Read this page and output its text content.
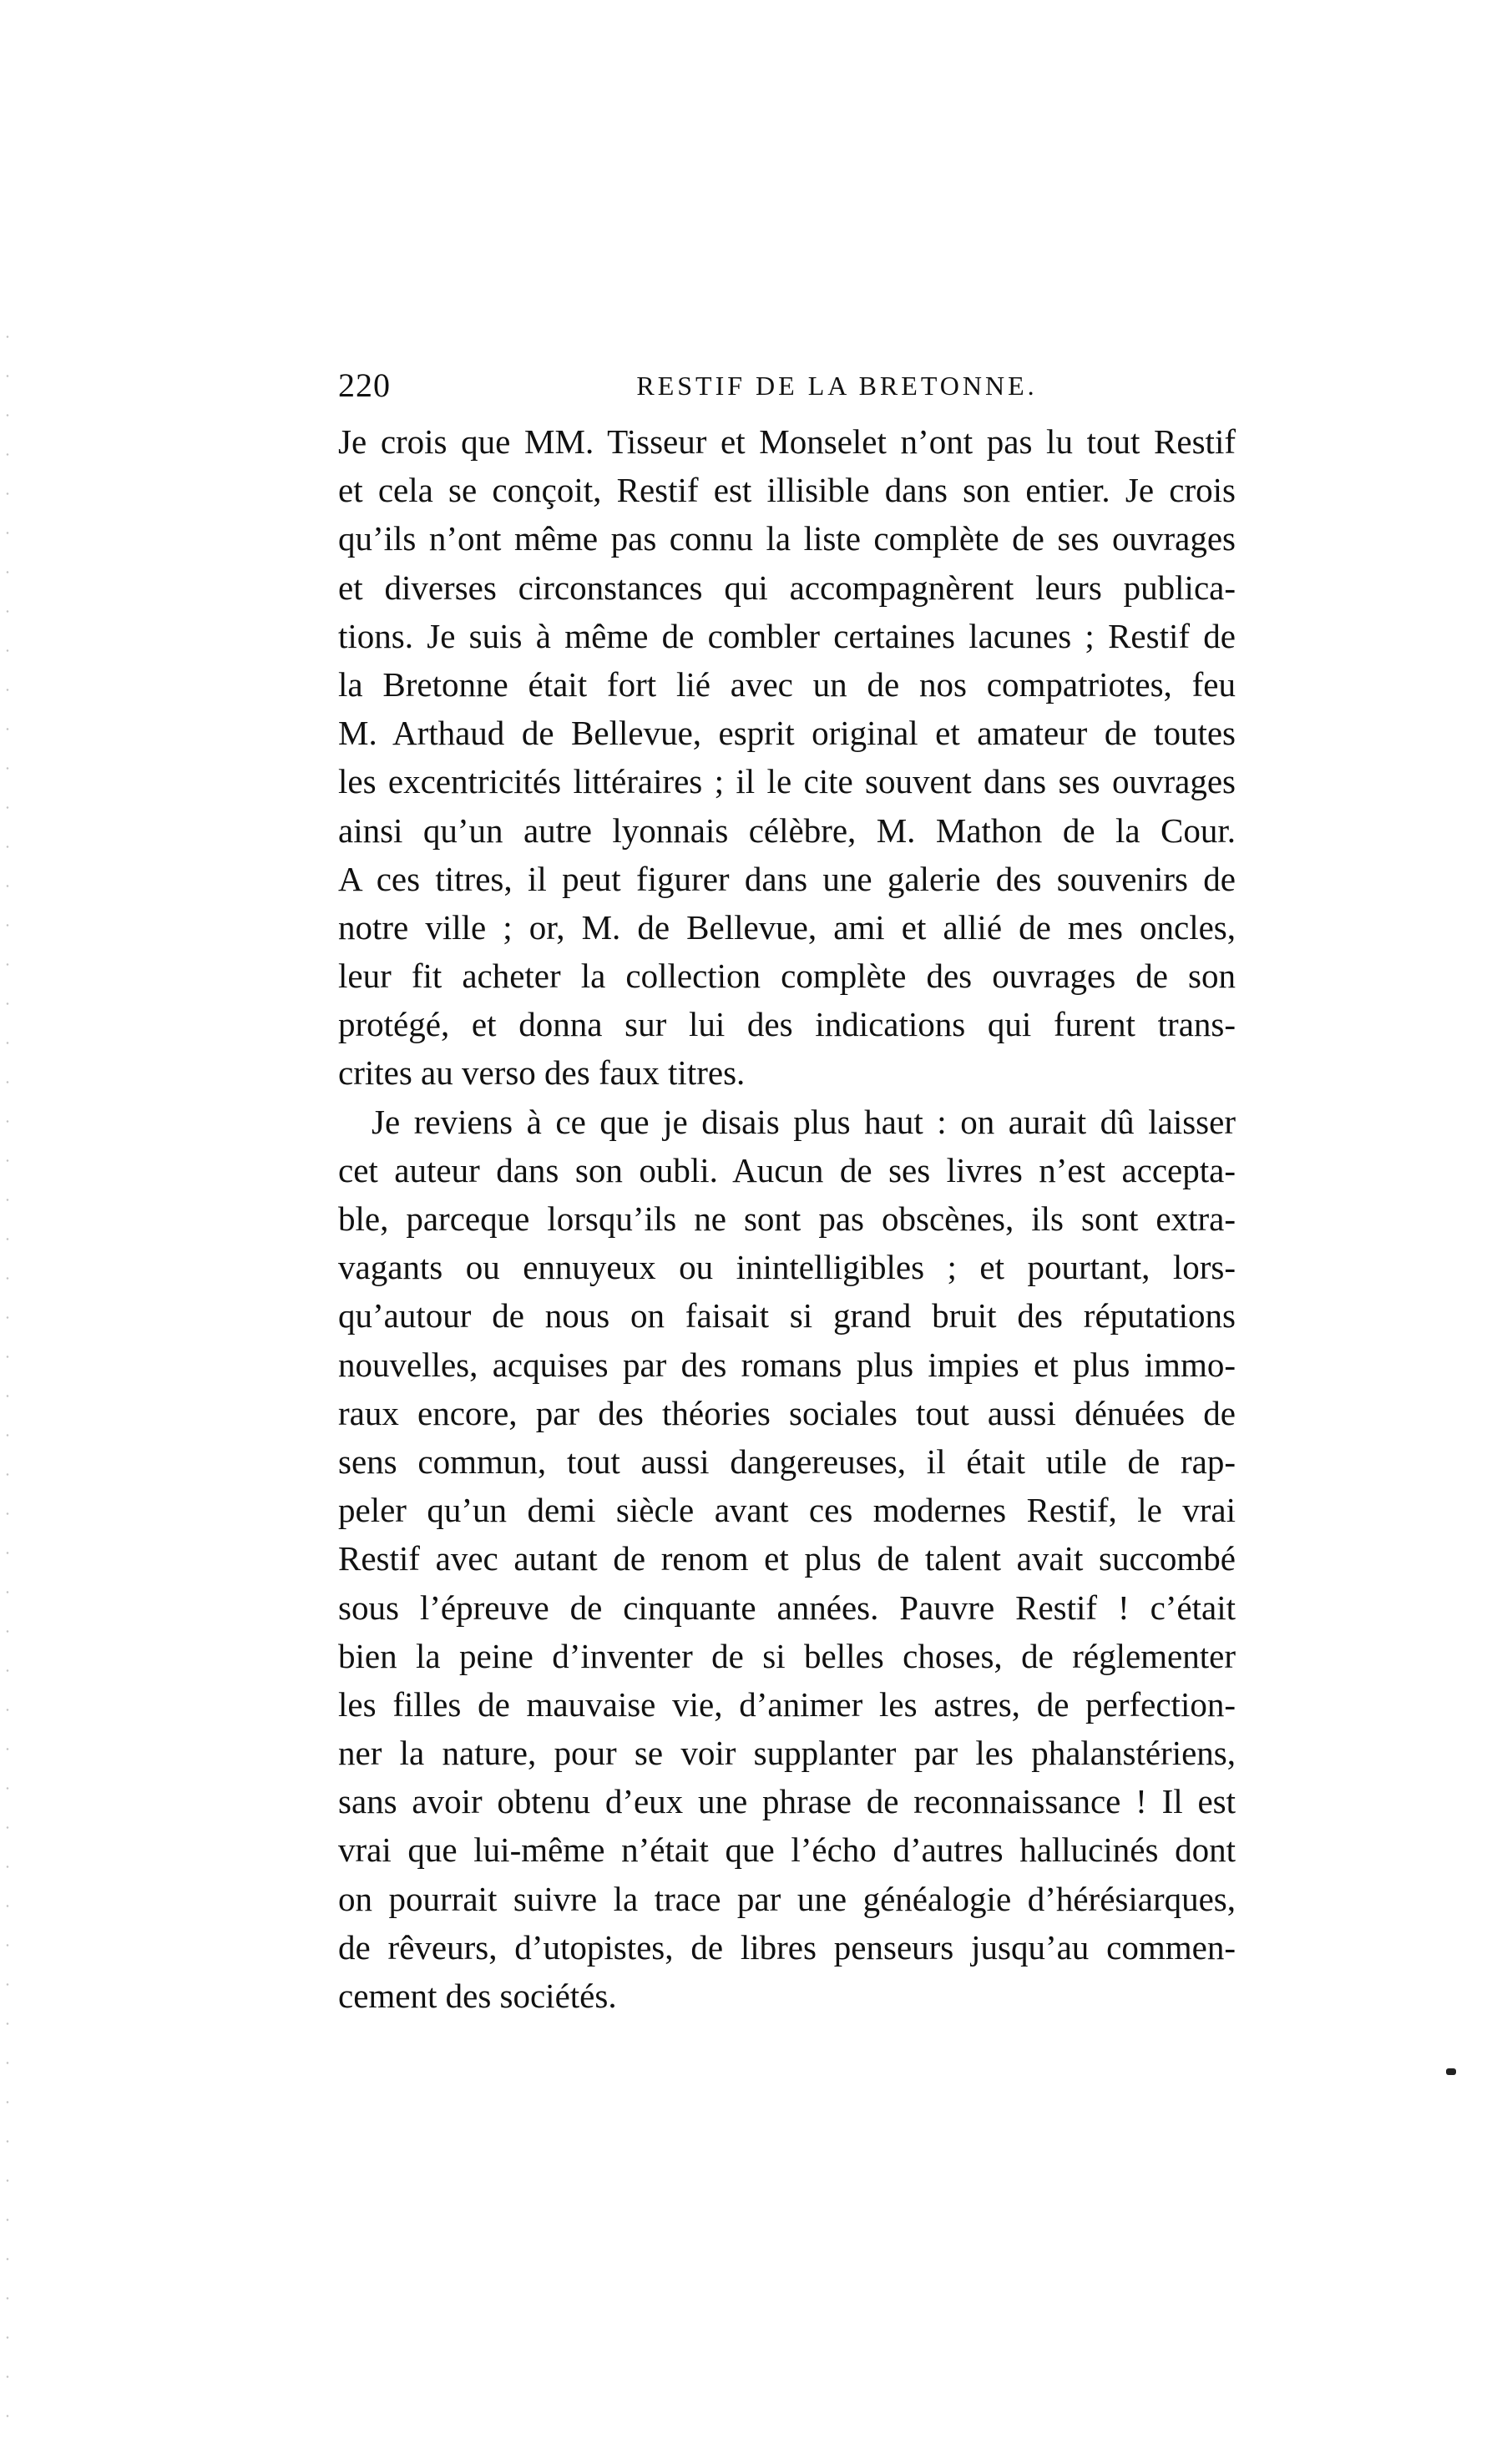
220	RESTIF DE LA BRETONNE.
Je crois que MM. Tisseur et Monselet n’ont pas lu tout Restif
et cela se conçoit, Restif est illisible dans son entier. Je crois
qu’ils n’ont même pas connu la liste complète de ses ouvrages
et diverses circonstances qui accompagnèrent leurs publica-
tions. Je suis à même de combler certaines lacunes ; Restif de
la Bretonne était fort lié avec un de nos compatriotes, feu
M. Arthaud de Bellevue, esprit original et amateur de toutes
les excentricités littéraires ; il le cite souvent dans ses ouvrages
ainsi qu’un autre lyonnais célèbre, M. Mathon de la Cour.
A ces titres, il peut figurer dans une galerie des souvenirs de
notre ville ; or, M. de Bellevue, ami et allié de mes oncles,
leur fit acheter la collection complète des ouvrages de son
protégé, et donna sur lui des indications qui furent trans-
crites au verso des faux titres.
Je reviens à ce que je disais plus haut : on aurait dû laisser
cet auteur dans son oubli. Aucun de ses livres n’est accepta-
ble, parceque lorsqu’ils ne sont pas obscènes, ils sont extra-
vagants ou ennuyeux ou inintelligibles ; et pourtant, lors-
qu’autour de nous on faisait si grand bruit des réputations
nouvelles, acquises par des romans plus impies et plus immo-
raux encore, par des théories sociales tout aussi dénuées de
sens commun, tout aussi dangereuses, il était utile de rap-
peler qu’un demi siècle avant ces modernes Restif, le vrai
Restif avec autant de renom et plus de talent avait succombé
sous l’épreuve de cinquante années. Pauvre Restif ! c’était
bien la peine d’inventer de si belles choses, de réglementer
les filles de mauvaise vie, d’animer les astres, de perfection-
ner la nature, pour se voir supplanter par les phalanstériens,
sans avoir obtenu d’eux une phrase de reconnaissance ! Il est
vrai que lui-même n’était que l’écho d’autres hallucinés dont
on pourrait suivre la trace par une généalogie d’hérésiarques,
de rêveurs, d’utopistes, de libres penseurs jusqu’au commen-
cement des sociétés.
